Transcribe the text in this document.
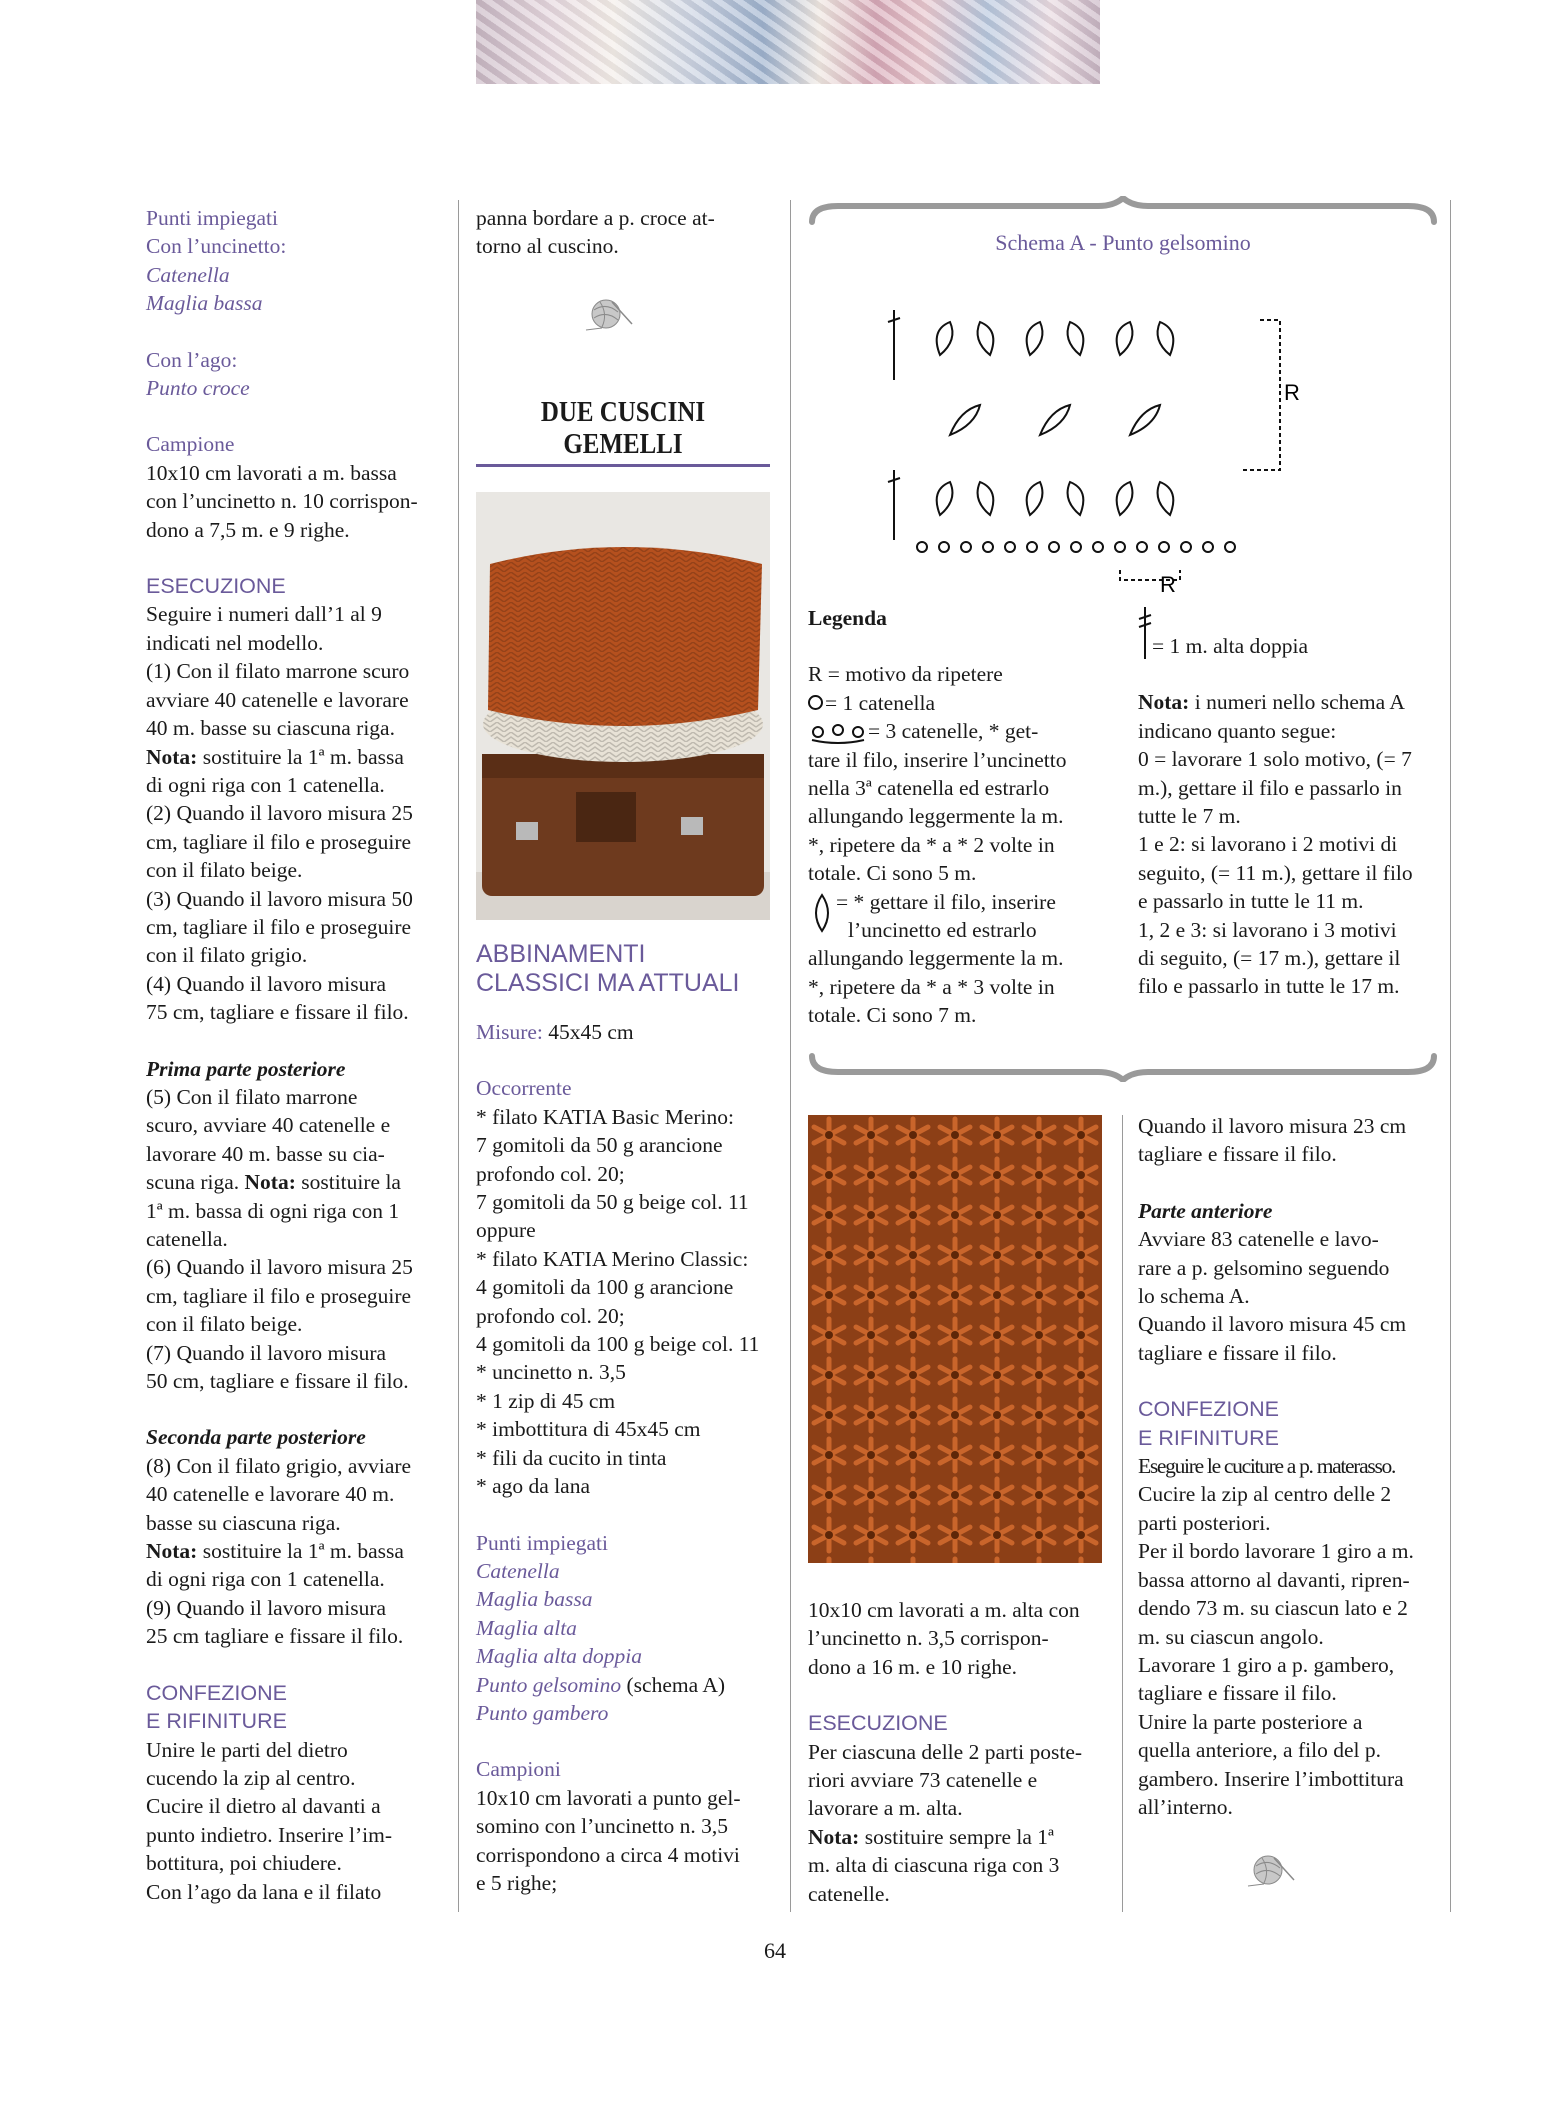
Punti impiegati

Con l’uncinetto:

Catenella

Maglia bassa

Con l’ago:

Punto croce

Campione

10x10 cm lavorati a m. bassa

con l’uncinetto n. 10 corrispon-

dono a 7,5 m. e 9 righe.

ESECUZIONE

Seguire i numeri dall’1 al 9

indicati nel modello.

(1) Con il filato marrone scuro

avviare 40 catenelle e lavorare

40 m. basse su ciascuna riga.

Nota: sostituire la 1ª m. bassa

di ogni riga con 1 catenella.

(2) Quando il lavoro misura 25

cm, tagliare il filo e proseguire

con il filato beige.

(3) Quando il lavoro misura 50

cm, tagliare il filo e proseguire

con il filato grigio.

(4) Quando il lavoro misura

75 cm, tagliare e fissare il filo.

Prima parte posteriore

(5) Con il filato marrone

scuro, avviare 40 catenelle e

lavorare 40 m. basse su cia-

scuna riga. Nota: sostituire la

1ª m. bassa di ogni riga con 1

catenella.

(6) Quando il lavoro misura 25

cm, tagliare il filo e proseguire

con il filato beige.

(7) Quando il lavoro misura

50 cm, tagliare e fissare il filo.

Seconda parte posteriore

(8) Con il filato grigio, avviare

40 catenelle e lavorare 40 m.

basse su ciascuna riga.

Nota: sostituire la 1ª m. bassa

di ogni riga con 1 catenella.

(9) Quando il lavoro misura

25 cm tagliare e fissare il filo.

CONFEZIONE

E RIFINITURE

Unire le parti del dietro

cucendo la zip al centro.

Cucire il dietro al davanti a

punto indietro. Inserire l’im-

bottitura, poi chiudere.

Con l’ago da lana e il filato

panna bordare a p. croce at-

torno al cuscino.

DUE CUSCINI
GEMELLI

ABBINAMENTI

CLASSICI MA ATTUALI

Misure: 45x45 cm

Occorrente

* filato KATIA Basic Merino:

7 gomitoli da 50 g arancione

profondo col. 20;

7 gomitoli da 50 g beige col. 11

oppure

* filato KATIA Merino Classic:

4 gomitoli da 100 g arancione

profondo col. 20;

4 gomitoli da 100 g beige col. 11

* uncinetto n. 3,5

* 1 zip di 45 cm

* imbottitura di 45x45 cm

* fili da cucito in tinta

* ago da lana

Punti impiegati

Catenella

Maglia bassa

Maglia alta

Maglia alta doppia

Punto gelsomino (schema A)

Punto gambero

Campioni

10x10 cm lavorati a punto gel-

somino con l’uncinetto n. 3,5

corrispondono a circa 4 motivi

e 5 righe;

Schema A - Punto gelsomino
R
R

Legenda

R = motivo da ripetere

= 1 catenella

= 3 catenelle, * get-

tare il filo, inserire l’uncinetto

nella 3ª catenella ed estrarlo

allungando leggermente la m.

*, ripetere da * a * 2 volte in

totale. Ci sono 5 m.

= * gettare il filo, inserire

l’uncinetto ed estrarlo

allungando leggermente la m.

*, ripetere da * a * 3 volte in

totale. Ci sono 7 m.

= 1 m. alta doppia

Nota: i numeri nello schema A

indicano quanto segue:

0 = lavorare 1 solo motivo, (= 7

m.), gettare il filo e passarlo in

tutte le 7 m.

1 e 2: si lavorano i 2 motivi di

seguito, (= 11 m.), gettare il filo

e passarlo in tutte le 11 m.

1, 2 e 3: si lavorano i 3 motivi

di seguito, (= 17 m.), gettare il

filo e passarlo in tutte le 17 m.

10x10 cm lavorati a m. alta con

l’uncinetto n. 3,5 corrispon-

dono a 16 m. e 10 righe.

ESECUZIONE

Per ciascuna delle 2 parti poste-

riori avviare 73 catenelle e

lavorare a m. alta.

Nota: sostituire sempre la 1ª

m. alta di ciascuna riga con 3

catenelle.

Quando il lavoro misura 23 cm

tagliare e fissare il filo.

Parte anteriore

Avviare 83 catenelle e lavo-

rare a p. gelsomino seguendo

lo schema A.

Quando il lavoro misura 45 cm

tagliare e fissare il filo.

CONFEZIONE

E RIFINITURE

Eseguire le cuciture a p. materasso.

Cucire la zip al centro delle 2

parti posteriori.

Per il bordo lavorare 1 giro a m.

bassa attorno al davanti, ripren-

dendo 73 m. su ciascun lato e 2

m. su ciascun angolo.

Lavorare 1 giro a p. gambero,

tagliare e fissare il filo.

Unire la parte posteriore a

quella anteriore, a filo del p.

gambero. Inserire l’imbottitura

all’interno.

64
